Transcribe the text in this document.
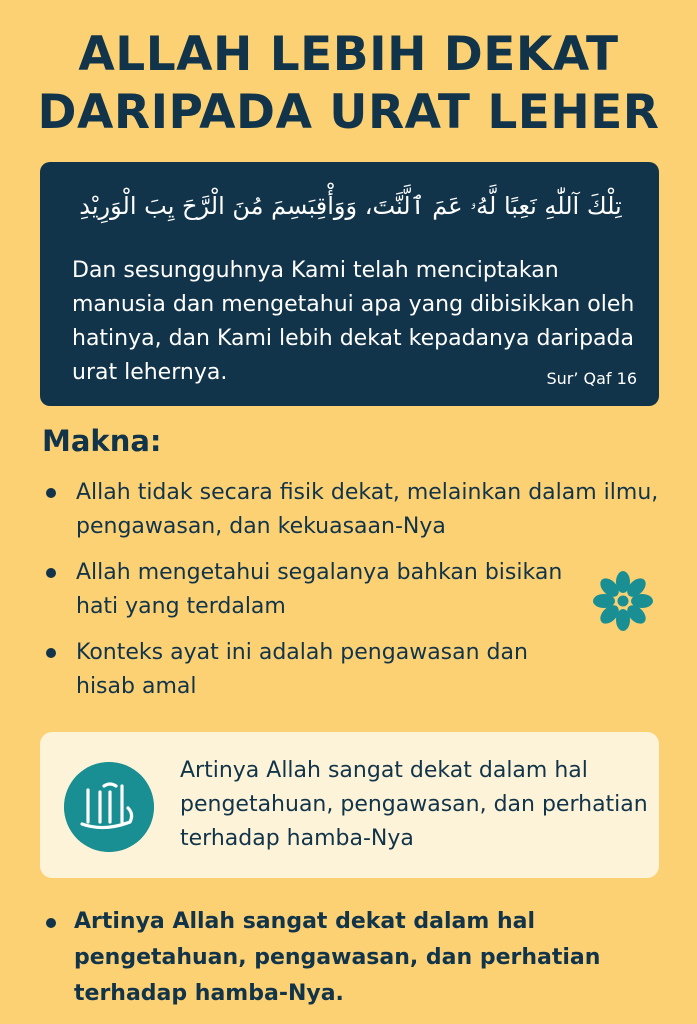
ALLAH LEBIH DEKAT
DARIPADA URAT LEHER
تِلْكَ آللّٰهِ نَعِبًا لَّهُۥ عَمَ ٱلَّنَّتَ، وَوَأْقِبَسِمَ مُنَ الْرَّحَ يِبَ الْوَرِيْدِ
Dan sesungguhnya Kami telah menciptakan manusia dan mengetahui apa yang dibisikkan oleh hatinya, dan Kami lebih dekat kepadanya daripada urat lehernya.	Sur’ Qaf 16
Makna:
Allah tidak secara fisik dekat, melainkan dalam ilmu, pengawasan, dan kekuasaan-Nya
Allah mengetahui segalanya bahkan bisikan hati yang terdalam
Konteks ayat ini adalah pengawasan dan hisab amal
Artinya Allah sangat dekat dalam hal pengetahuan, pengawasan, dan perhatian terhadap hamba-Nya
Artinya Allah sangat dekat dalam hal pengetahuan, pengawasan, dan perhatian terhadap hamba-Nya.
